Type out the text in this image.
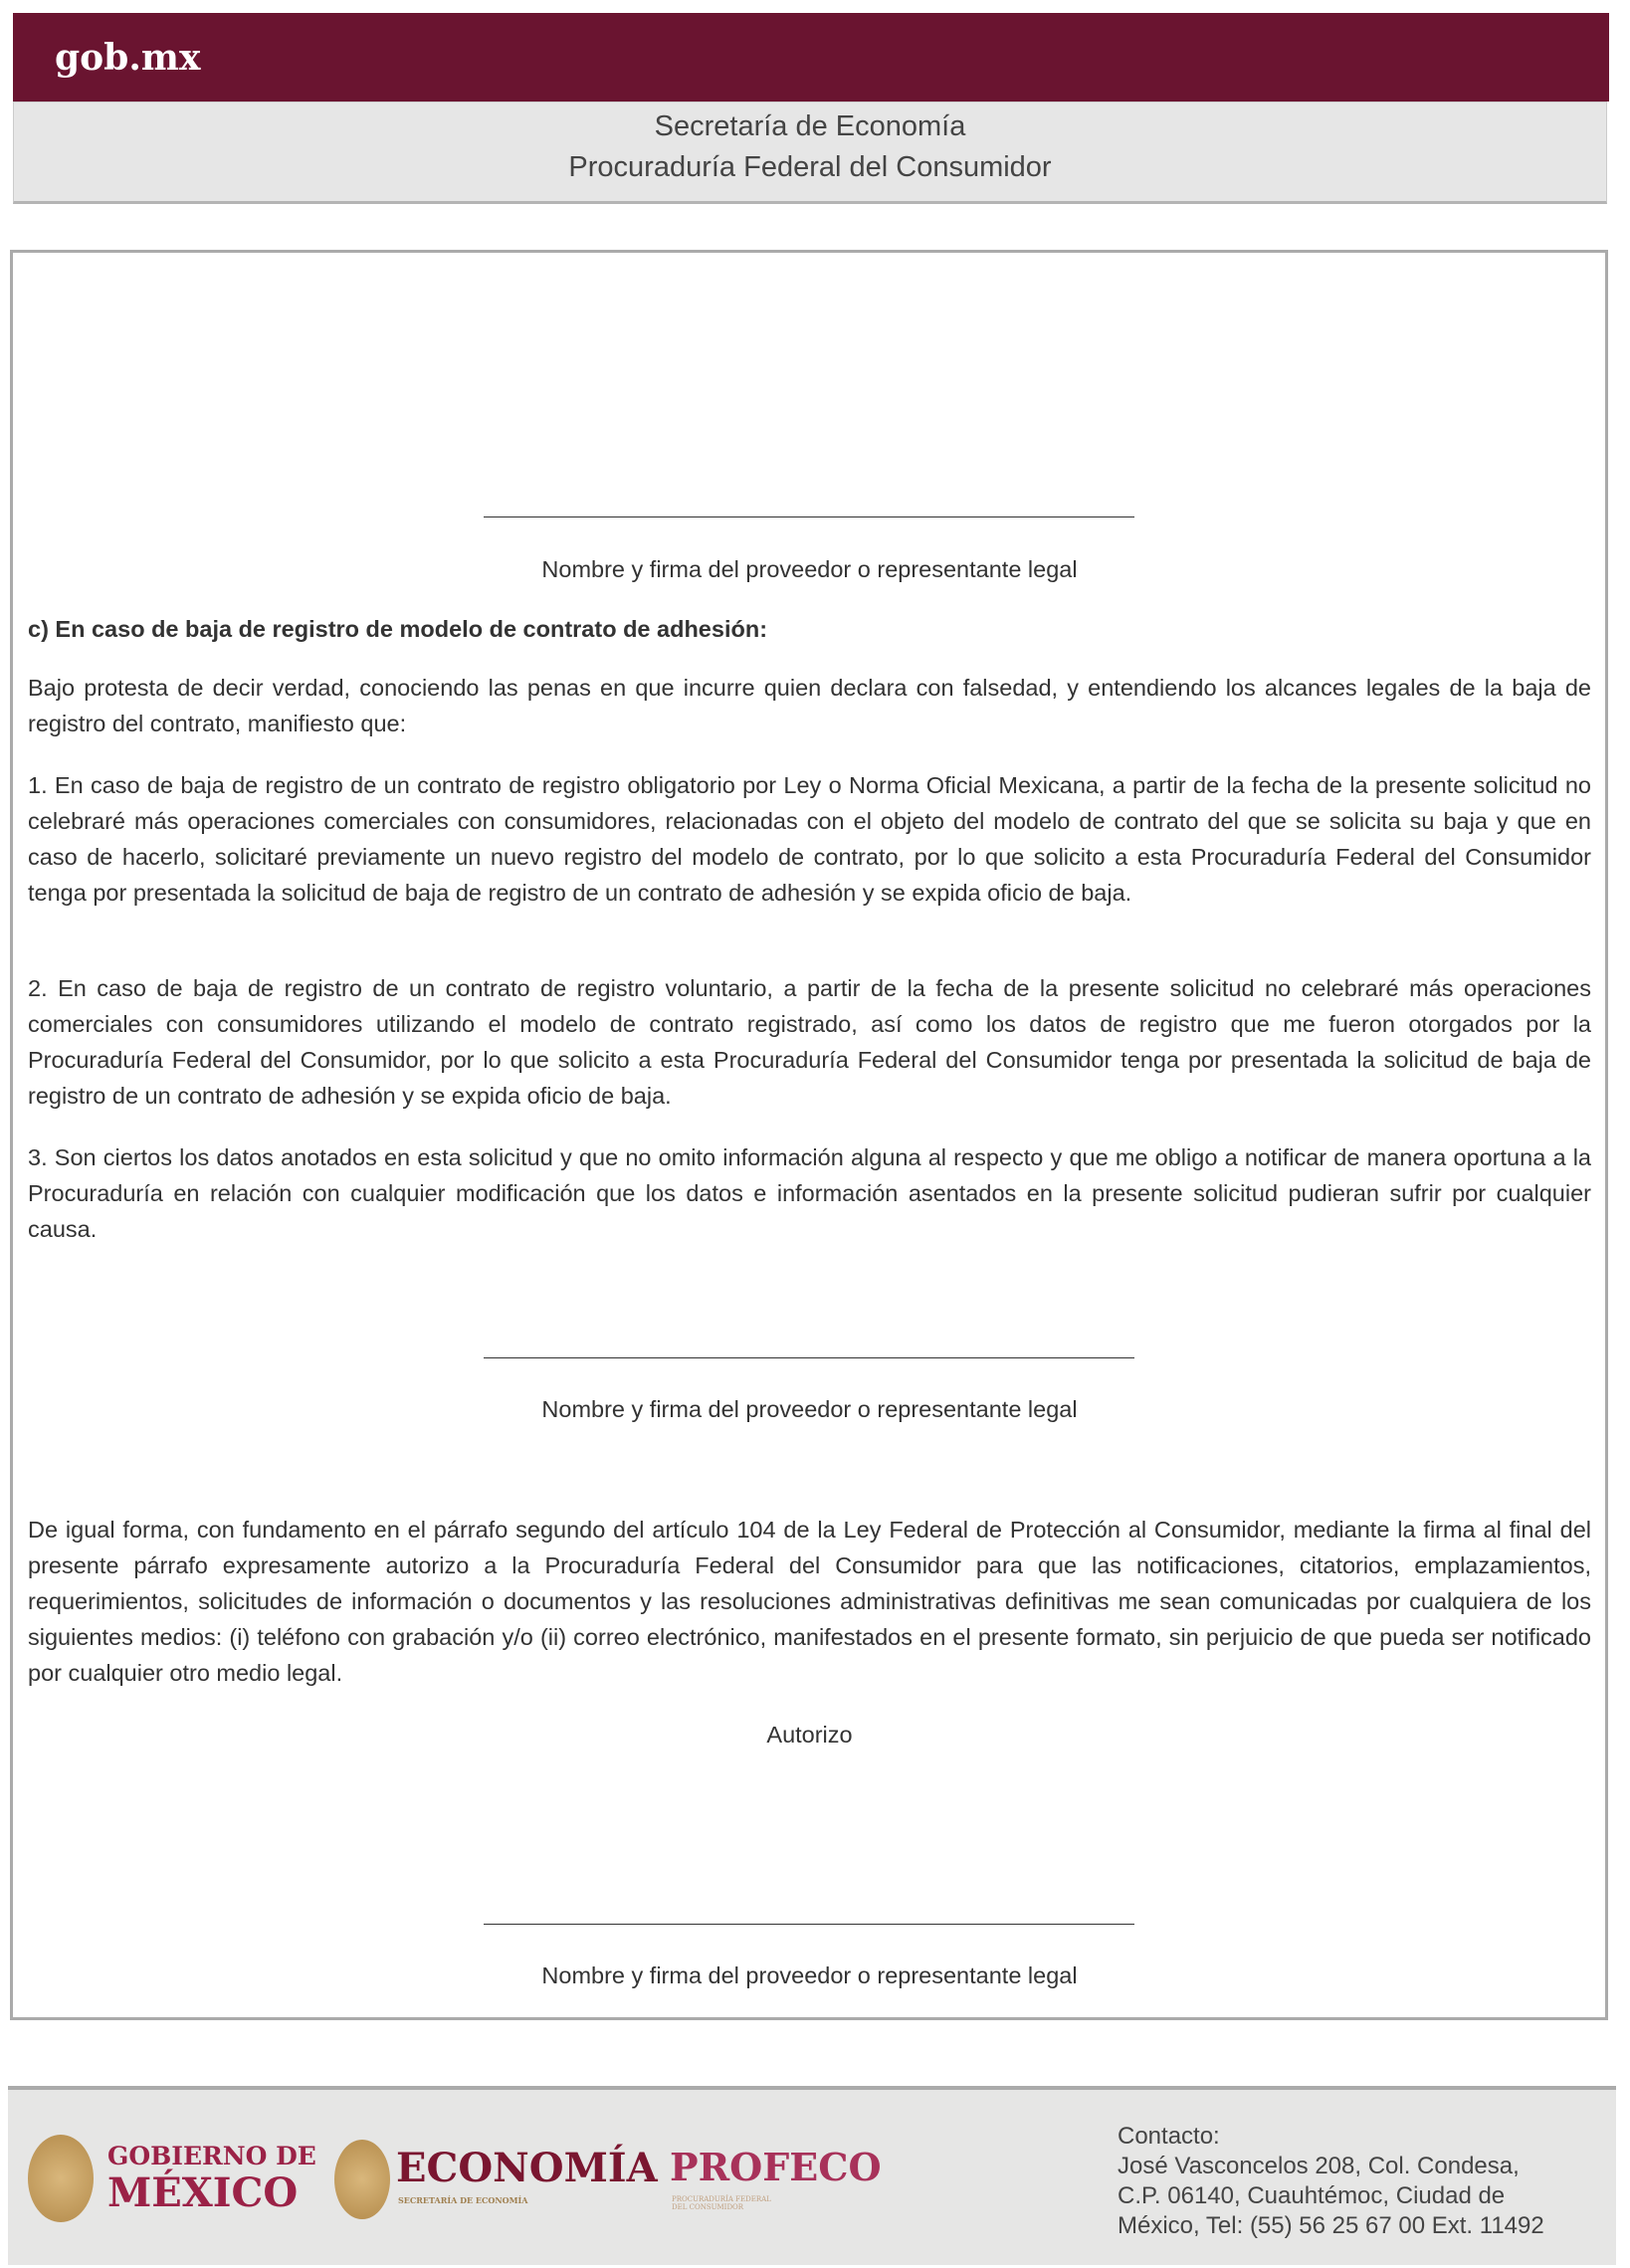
gob.mx
Secretaría de Economía
Procuraduría Federal del Consumidor
Nombre y firma del proveedor o representante legal
c) En caso de baja de registro de modelo de contrato de adhesión:
Bajo protesta de decir verdad, conociendo las penas en que incurre quien declara con falsedad, y entendiendo los alcances legales de la baja de registro del contrato, manifiesto que:
1. En caso de baja de registro de un contrato de registro obligatorio por Ley o Norma Oficial Mexicana, a partir de la fecha de la presente solicitud no celebraré más operaciones comerciales con consumidores, relacionadas con el objeto del modelo de contrato del que se solicita su baja y que en caso de hacerlo, solicitaré previamente un nuevo registro del modelo de contrato, por lo que solicito a esta Procuraduría Federal del Consumidor tenga por presentada la solicitud de baja de registro de un contrato de adhesión y se expida oficio de baja.
2. En caso de baja de registro de un contrato de registro voluntario, a partir de la fecha de la presente solicitud no celebraré más operaciones comerciales con consumidores utilizando el modelo de contrato registrado, así como los datos de registro que me fueron otorgados por la Procuraduría Federal del Consumidor, por lo que solicito a esta Procuraduría Federal del Consumidor tenga por presentada la solicitud de baja de registro de un contrato de adhesión y se expida oficio de baja.
3. Son ciertos los datos anotados en esta solicitud y que no omito información alguna al respecto y que me obligo a notificar de manera oportuna a la Procuraduría en relación con cualquier modificación que los datos e información asentados en la presente solicitud pudieran sufrir por cualquier causa.
Nombre y firma del proveedor o representante legal
De igual forma, con fundamento en el párrafo segundo del artículo 104 de la Ley Federal de Protección al Consumidor, mediante la firma al final del presente párrafo expresamente autorizo a la Procuraduría Federal del Consumidor para que las notificaciones, citatorios, emplazamientos, requerimientos, solicitudes de información o documentos y las resoluciones administrativas definitivas me sean comunicadas por cualquiera de los siguientes medios: (i) teléfono con grabación y/o (ii) correo electrónico, manifestados en el presente formato, sin perjuicio de que pueda ser notificado por cualquier otro medio legal.
Autorizo
Nombre y firma del proveedor o representante legal
GOBIERNO DE
MÉXICO
ECONOMÍA
SECRETARÍA DE ECONOMÍA
PROFECO
PROCURADURÍA FEDERAL DEL CONSUMIDOR
Contacto:
José Vasconcelos 208, Col. Condesa,
C.P. 06140, Cuauhtémoc, Ciudad de
México, Tel: (55) 56 25 67 00 Ext. 11492
